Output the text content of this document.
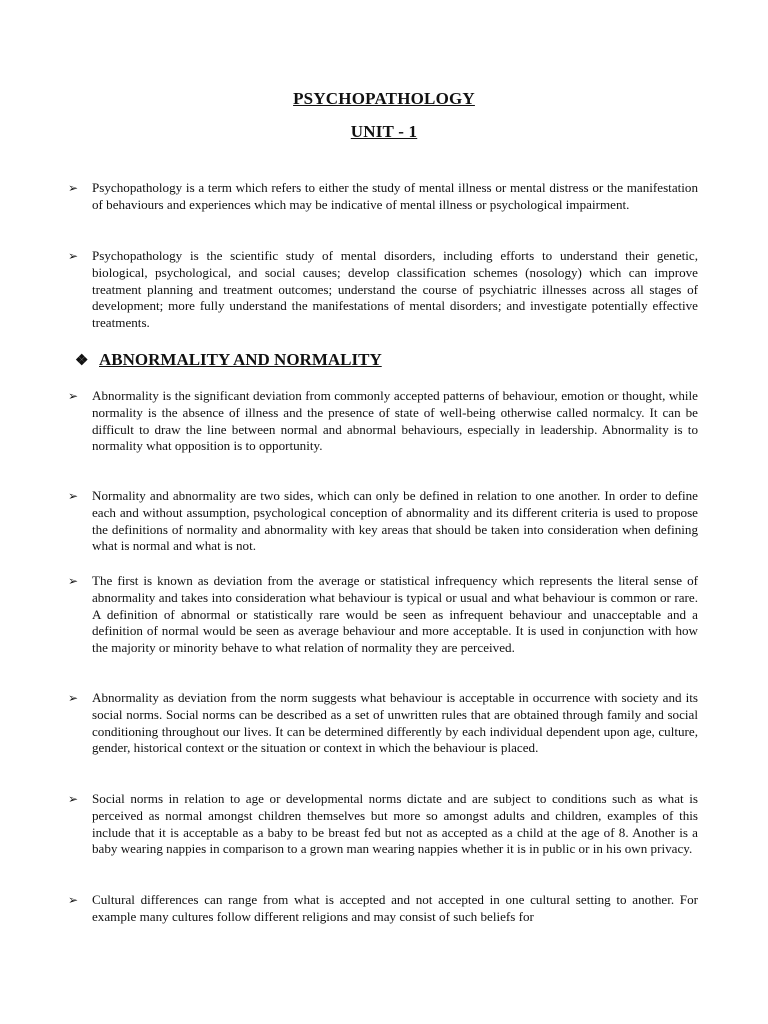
PSYCHOPATHOLOGY
UNIT - 1
➢	Psychopathology is a term which refers to either the study of mental illness or mental distress or the manifestation of behaviours and experiences which may be indicative of mental illness or psychological impairment.
➢	Psychopathology is the scientific study of mental disorders, including efforts to understand their genetic, biological, psychological, and social causes; develop classification schemes (nosology) which can improve treatment planning and treatment outcomes; understand the course of psychiatric illnesses across all stages of development; more fully understand the manifestations of mental disorders; and investigate potentially effective treatments.
❖ ABNORMALITY AND NORMALITY
➢	Abnormality is the significant deviation from commonly accepted patterns of behaviour, emotion or thought, while normality is the absence of illness and the presence of state of well-being otherwise called normalcy. It can be difficult to draw the line between normal and abnormal behaviours, especially in leadership. Abnormality is to normality what opposition is to opportunity.
➢	Normality and abnormality are two sides, which can only be defined in relation to one another. In order to define each and without assumption, psychological conception of abnormality and its different criteria is used to propose the definitions of normality and abnormality with key areas that should be taken into consideration when defining what is normal and what is not.
➢	The first is known as deviation from the average or statistical infrequency which represents the literal sense of abnormality and takes into consideration what behaviour is typical or usual and what behaviour is common or rare. A definition of abnormal or statistically rare would be seen as infrequent behaviour and unacceptable and a definition of normal would be seen as average behaviour and more acceptable. It is used in conjunction with how the majority or minority behave to what relation of normality they are perceived.
➢	Abnormality as deviation from the norm suggests what behaviour is acceptable in occurrence with society and its social norms. Social norms can be described as a set of unwritten rules that are obtained through family and social conditioning throughout our lives. It can be determined differently by each individual dependent upon age, culture, gender, historical context or the situation or context in which the behaviour is placed.
➢	Social norms in relation to age or developmental norms dictate and are subject to conditions such as what is perceived as normal amongst children themselves but more so amongst adults and children, examples of this include that it is acceptable as a baby to be breast fed but not as accepted as a child at the age of 8. Another is a baby wearing nappies in comparison to a grown man wearing nappies whether it is in public or in his own privacy.
➢	Cultural differences can range from what is accepted and not accepted in one cultural setting to another. For example many cultures follow different religions and may consist of such beliefs for
